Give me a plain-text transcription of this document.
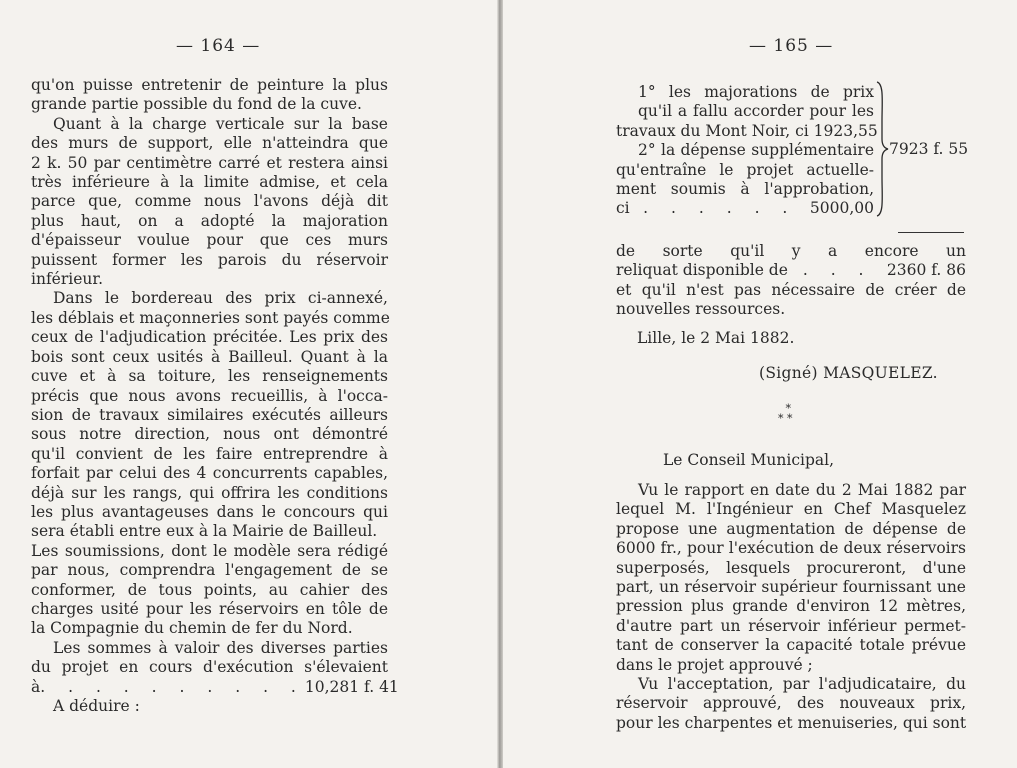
— 164 —
qu'on puisse entretenir de peinture la plus
grande partie possible du fond de la cuve.
Quant à la charge verticale sur la base
des murs de support, elle n'atteindra que
2 k. 50 par centimètre carré et restera ainsi
très inférieure à la limite admise, et cela
parce que, comme nous l'avons déjà dit
plus haut, on a adopté la majoration
d'épaisseur voulue pour que ces murs
puissent former les parois du réservoir
inférieur.
Dans le bordereau des prix ci-annexé,
les déblais et maçonneries sont payés comme
ceux de l'adjudication précitée. Les prix des
bois sont ceux usités à Bailleul. Quant à la
cuve et à sa toiture, les renseignements
précis que nous avons recueillis, à l'occa-
sion de travaux similaires exécutés ailleurs
sous notre direction, nous ont démontré
qu'il convient de les faire entreprendre à
forfait par celui des 4 concurrents capables,
déjà sur les rangs, qui offrira les conditions
les plus avantageuses dans le concours qui
sera établi entre eux à la Mairie de Bailleul.
Les soumissions, dont le modèle sera rédigé
par nous, comprendra l'engagement de se
conformer, de tous points, au cahier des
charges usité pour les réservoirs en tôle de
la Compagnie du chemin de fer du Nord.
Les sommes à valoir des diverses parties
du projet en cours d'exécution s'élevaient
à . . . . . . . . . . 10,281 f. 41
A déduire :
— 165 —
1° les majorations de prix
qu'il a fallu accorder pour les
travaux du Mont Noir, ci 1923,55
2° la dépense supplémentaire
qu'entraîne le projet actuelle-
ment soumis à l'approbation,
ci . . . . . . 5000,00
7923 f. 55
de sorte qu'il y a encore un
reliquat disponible de . . . 2360 f. 86
et qu'il n'est pas nécessaire de créer de
nouvelles ressources.
Lille, le 2 Mai 1882.
(Signé) MASQUELEZ.
*
* *
Le Conseil Municipal,
Vu le rapport en date du 2 Mai 1882 par
lequel M. l'Ingénieur en Chef Masquelez
propose une augmentation de dépense de
6000 fr., pour l'exécution de deux réservoirs
superposés, lesquels procureront, d'une
part, un réservoir supérieur fournissant une
pression plus grande d'environ 12 mètres,
d'autre part un réservoir inférieur permet-
tant de conserver la capacité totale prévue
dans le projet approuvé ;
Vu l'acceptation, par l'adjudicataire, du
réservoir approuvé, des nouveaux prix,
pour les charpentes et menuiseries, qui sont
